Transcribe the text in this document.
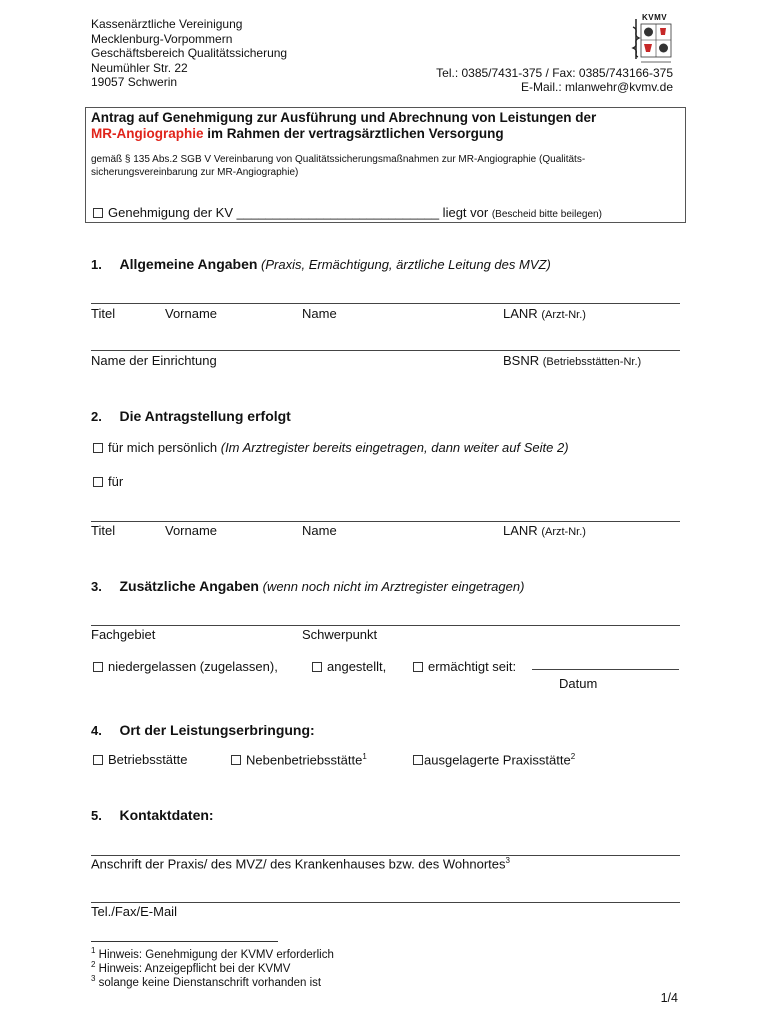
Kassenärztliche Vereinigung
Mecklenburg-Vorpommern
Geschäftsbereich Qualitätssicherung
Neumühler Str. 22
19057 Schwerin
KVMV
Tel.: 0385/7431-375 / Fax: 0385/743166-375
E-Mail.: mlanwehr@kvmv.de
Antrag auf Genehmigung zur Ausführung und Abrechnung von Leistungen der
MR-Angiographie im Rahmen der vertragsärztlichen Versorgung
gemäß § 135 Abs.2 SGB V Vereinbarung von Qualitätssicherungsmaßnahmen zur MR-Angiographie (Qualitäts-
sicherungsvereinbarung zur MR-Angiographie)
Genehmigung der KV ____________________________ liegt vor (Bescheid bitte beilegen)
1. Allgemeine Angaben (Praxis, Ermächtigung, ärztliche Leitung des MVZ)
Titel	Vorname	Name	LANR (Arzt-Nr.)
Name der Einrichtung	BSNR (Betriebsstätten-Nr.)
2. Die Antragstellung erfolgt
für mich persönlich (Im Arztregister bereits eingetragen, dann weiter auf Seite 2)
für
Titel	Vorname	Name	LANR (Arzt-Nr.)
3. Zusätzliche Angaben (wenn noch nicht im Arztregister eingetragen)
Fachgebiet	Schwerpunkt
niedergelassen (zugelassen),	angestellt,	ermächtigt seit:
Datum
4. Ort der Leistungserbringung:
Betriebsstätte	Nebenbetriebsstätte$^1$	ausgelagerte Praxisstätte$^2$
5. Kontaktdaten:
Anschrift der Praxis/ des MVZ/ des Krankenhauses bzw. des Wohnortes$^3$
Tel./Fax/E-Mail
$^1$ Hinweis: Genehmigung der KVMV erforderlich
$^2$ Hinweis: Anzeigepflicht bei der KVMV
$^3$ solange keine Dienstanschrift vorhanden ist
1/4
